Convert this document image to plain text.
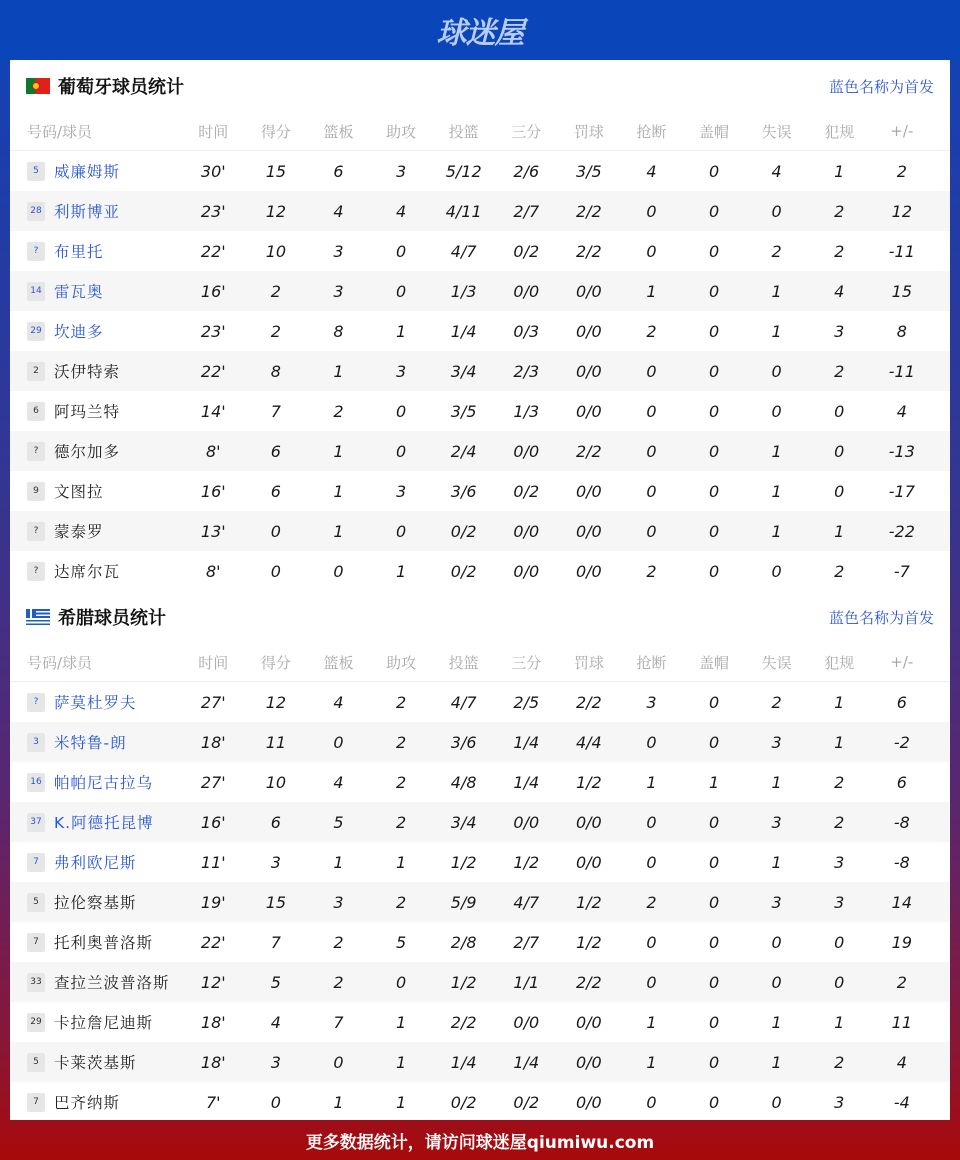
球迷屋
葡萄牙球员统计	蓝色名称为首发
号码/球员	时间	得分	篮板	助攻	投篮	三分	罚球	抢断	盖帽	失误	犯规	+/-
5 威廉姆斯	30'	15	6	3	5/12	2/6	3/5	4	0	4	1	2
28 利斯博亚	23'	12	4	4	4/11	2/7	2/2	0	0	0	2	12
?	布里托	22'	10	3	0	4/7	0/2	2/2	0	0	2	2	-11
14 雷瓦奥	16'	2	3	0	1/3	0/0	0/0	1	0	1	4	15
29 坎迪多	23'	2	8	1	1/4	0/3	0/0	2	0	1	3	8
2 沃伊特索	22'	8	1	3	3/4	2/3	0/0	0	0	0	2	-11
6 阿玛兰特	14'	7	2	0	3/5	1/3	0/0	0	0	0	0	4
?	德尔加多	8'	6	1	0	2/4	0/0	2/2	0	0	1	0	-13
9 文图拉	16'	6	1	3	3/6	0/2	0/0	0	0	1	0	-17
?	蒙泰罗	13'	0	1	0	0/2	0/0	0/0	0	0	1	1	-22
?	达席尔瓦	8'	0	0	1	0/2	0/0	0/0	2	0	0	2	-7
希腊球员统计	蓝色名称为首发
号码/球员	时间	得分	篮板	助攻	投篮	三分	罚球	抢断	盖帽	失误	犯规	+/-
?	萨莫杜罗夫	27'	12	4	2	4/7	2/5	2/2	3	0	2	1	6
3 米特鲁-朗	18'	11	0	2	3/6	1/4	4/4	0	0	3	1	-2
16 帕帕尼古拉乌	27'	10	4	2	4/8	1/4	1/2	1	1	1	2	6
37 K.阿德托昆博	16'	6	5	2	3/4	0/0	0/0	0	0	3	2	-8
7 弗利欧尼斯	11'	3	1	1	1/2	1/2	0/0	0	0	1	3	-8
5 拉伦察基斯	19'	15	3	2	5/9	4/7	1/2	2	0	3	3	14
7 托利奥普洛斯	22'	7	2	5	2/8	2/7	1/2	0	0	0	0	19
33 查拉兰波普洛斯	12'	5	2	0	1/2	1/1	2/2	0	0	0	0	2
29 卡拉詹尼迪斯	18'	4	7	1	2/2	0/0	0/0	1	0	1	1	11
5 卡莱茨基斯	18'	3	0	1	1/4	1/4	0/0	1	0	1	2	4
7 巴齐纳斯	7'	0	1	1	0/2	0/2	0/0	0	0	0	3	-4
更多数据统计，请访问球迷屋qiumiwu.com
